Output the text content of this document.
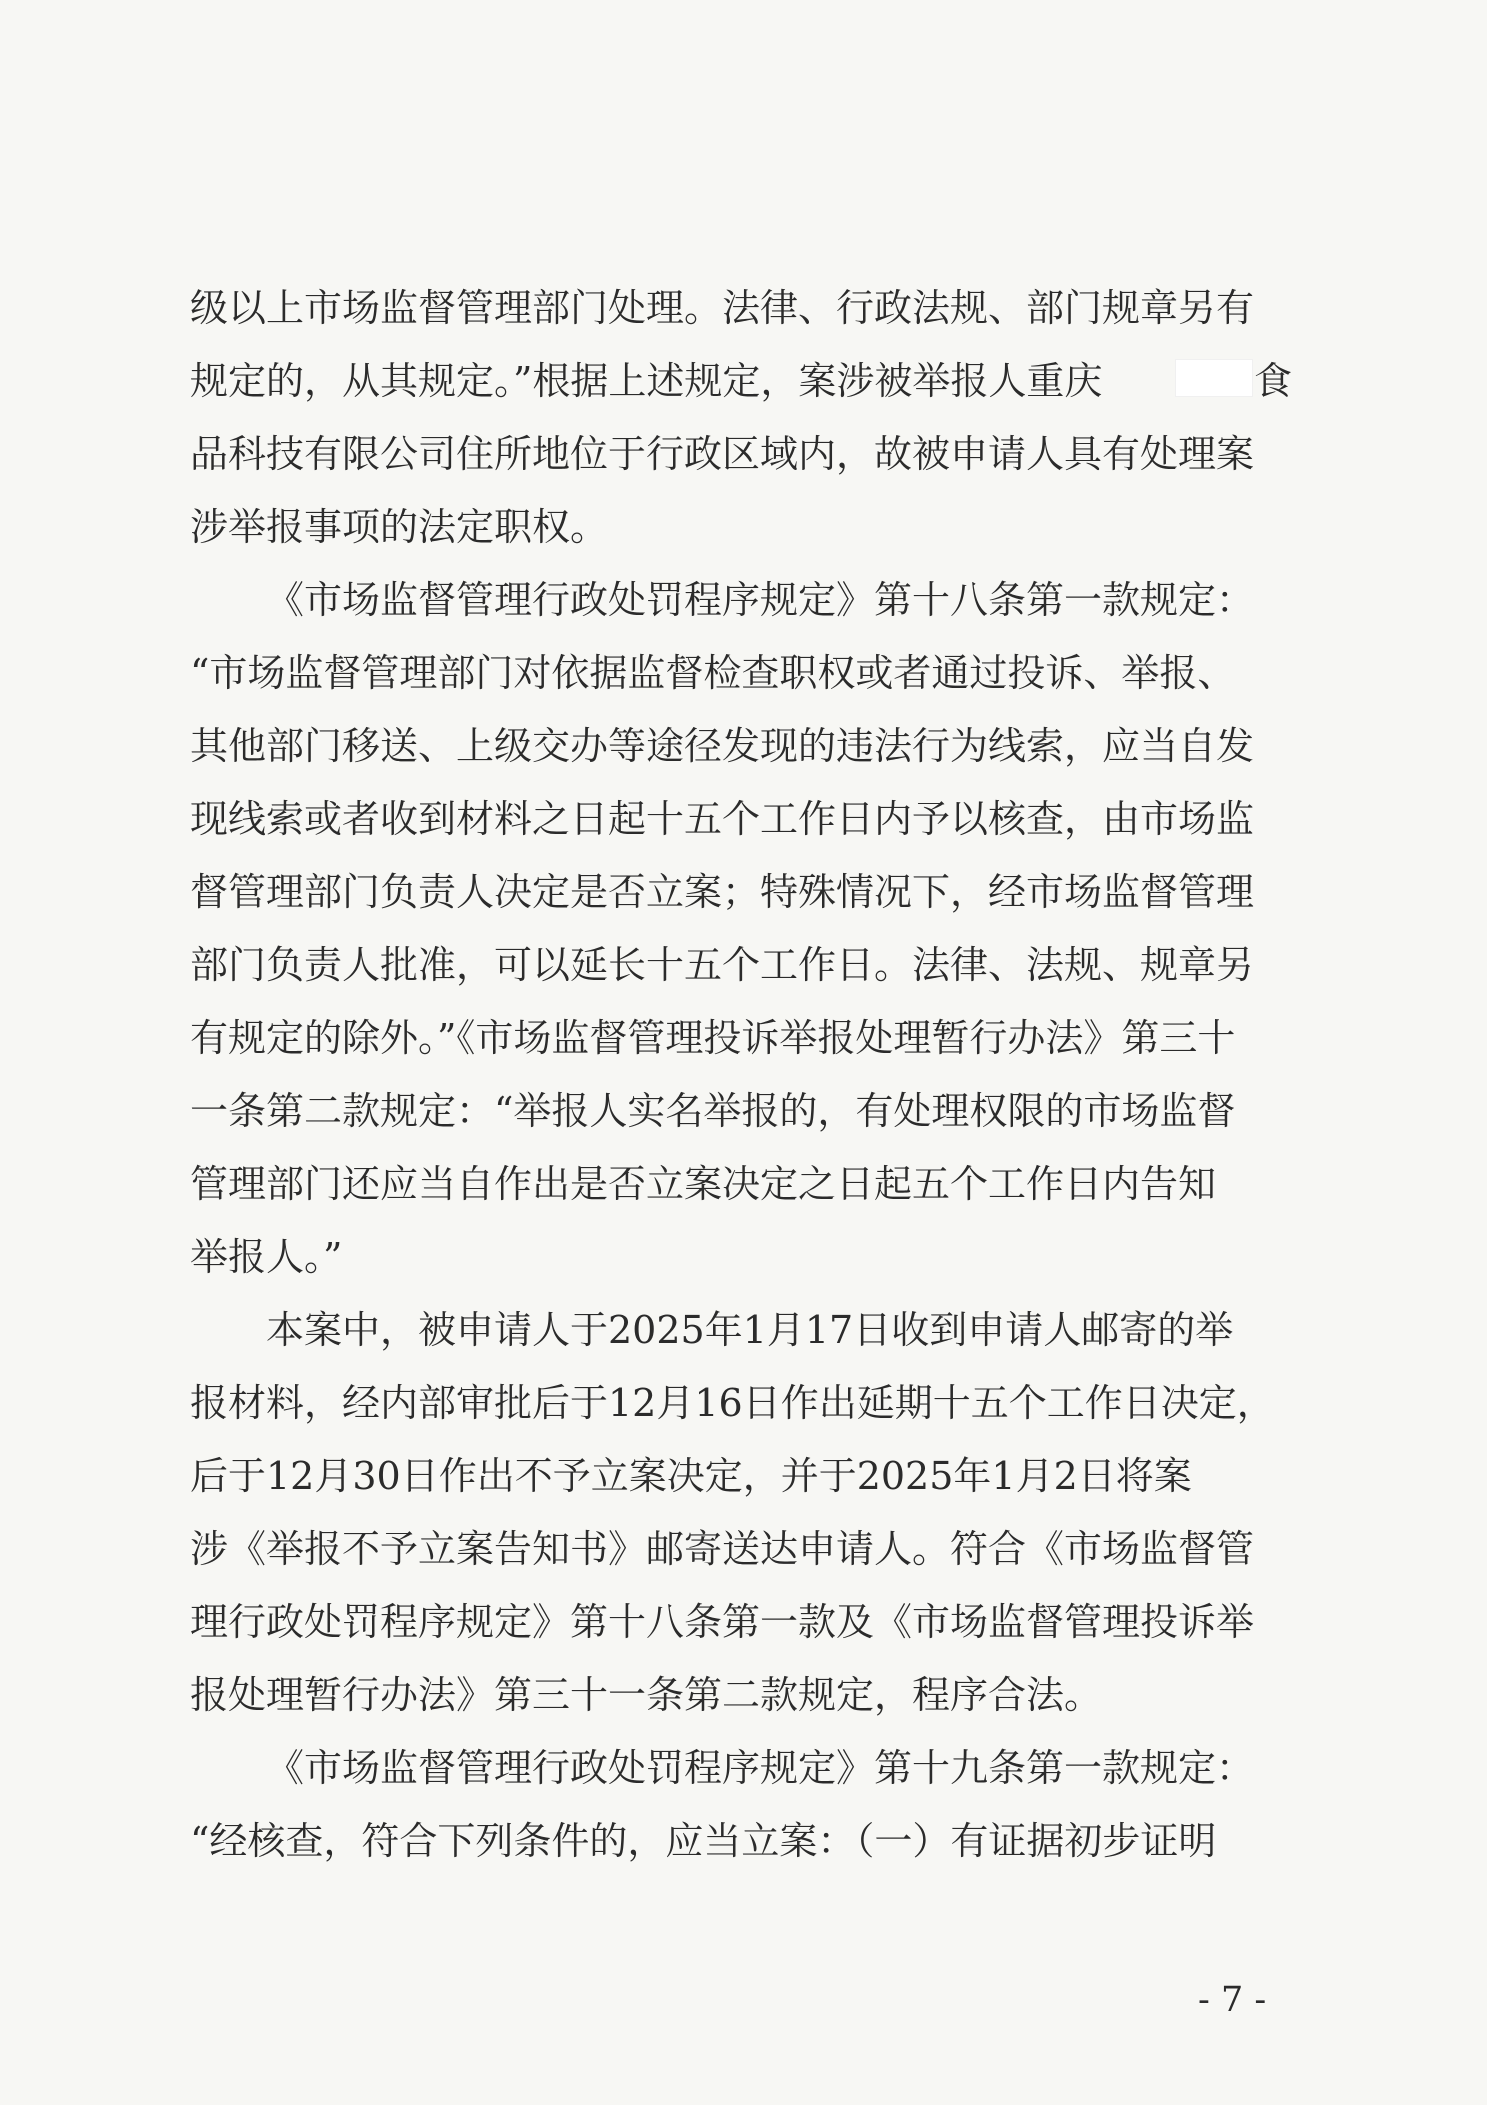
级以上市场监督管理部门处理。法律、行政法规、部门规章另有
规定的，从其规定。”根据上述规定，案涉被举报人重庆	食
品科技有限公司住所地位于行政区域内，故被申请人具有处理案
涉举报事项的法定职权。
《市场监督管理行政处罚程序规定》第十八条第一款规定：
“市场监督管理部门对依据监督检查职权或者通过投诉、举报、
其他部门移送、上级交办等途径发现的违法行为线索，应当自发
现线索或者收到材料之日起十五个工作日内予以核查，由市场监
督管理部门负责人决定是否立案；特殊情况下，经市场监督管理
部门负责人批准，可以延长十五个工作日。法律、法规、规章另
有规定的除外。”《市场监督管理投诉举报处理暂行办法》第三十
一条第二款规定：“举报人实名举报的，有处理权限的市场监督
管理部门还应当自作出是否立案决定之日起五个工作日内告知
举报人。”
本案中，被申请人于2025年1月17日收到申请人邮寄的举
报材料，经内部审批后于12月16日作出延期十五个工作日决定，
后于12月30日作出不予立案决定，并于2025年1月2日将案
涉《举报不予立案告知书》邮寄送达申请人。符合《市场监督管
理行政处罚程序规定》第十八条第一款及《市场监督管理投诉举
报处理暂行办法》第三十一条第二款规定，程序合法。
《市场监督管理行政处罚程序规定》第十九条第一款规定：
“经核查，符合下列条件的，应当立案：（一）有证据初步证明
- 7 -
